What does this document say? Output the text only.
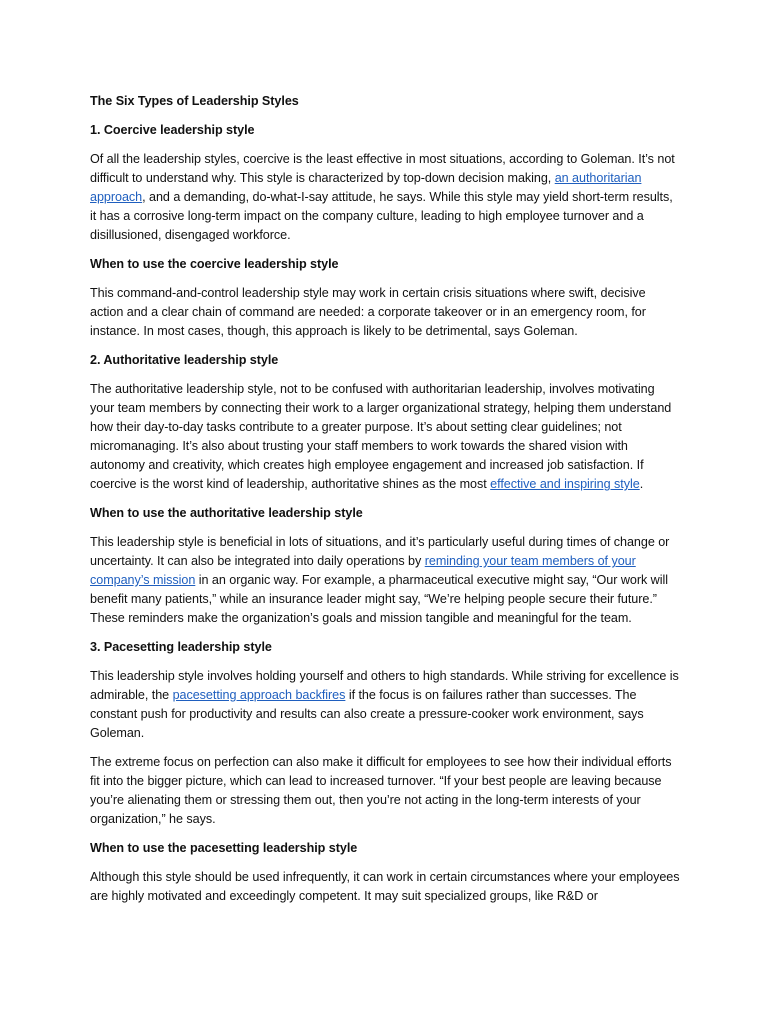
The Six Types of Leadership Styles

1. Coercive leadership style

Of all the leadership styles, coercive is the least effective in most situations, according to Goleman. It’s not difficult to understand why. This style is characterized by top-down decision making, an authoritarian approach, and a demanding, do-what-I-say attitude, he says. While this style may yield short-term results, it has a corrosive long-term impact on the company culture, leading to high employee turnover and a disillusioned, disengaged workforce.

When to use the coercive leadership style

This command-and-control leadership style may work in certain crisis situations where swift, decisive action and a clear chain of command are needed: a corporate takeover or in an emergency room, for instance. In most cases, though, this approach is likely to be detrimental, says Goleman.

2. Authoritative leadership style

The authoritative leadership style, not to be confused with authoritarian leadership, involves motivating your team members by connecting their work to a larger organizational strategy, helping them understand how their day-to-day tasks contribute to a greater purpose. It’s about setting clear guidelines; not micromanaging. It’s also about trusting your staff members to work towards the shared vision with autonomy and creativity, which creates high employee engagement and increased job satisfaction. If coercive is the worst kind of leadership, authoritative shines as the most effective and inspiring style.

When to use the authoritative leadership style

This leadership style is beneficial in lots of situations, and it’s particularly useful during times of change or uncertainty. It can also be integrated into daily operations by reminding your team members of your company’s mission in an organic way. For example, a pharmaceutical executive might say, “Our work will benefit many patients,” while an insurance leader might say, “We’re helping people secure their future.” These reminders make the organization’s goals and mission tangible and meaningful for the team.

3. Pacesetting leadership style

This leadership style involves holding yourself and others to high standards. While striving for excellence is admirable, the pacesetting approach backfires if the focus is on failures rather than successes. The constant push for productivity and results can also create a pressure-cooker work environment, says Goleman.

The extreme focus on perfection can also make it difficult for employees to see how their individual efforts fit into the bigger picture, which can lead to increased turnover. “If your best people are leaving because you’re alienating them or stressing them out, then you’re not acting in the long-term interests of your organization,” he says.

When to use the pacesetting leadership style

Although this style should be used infrequently, it can work in certain circumstances where your employees are highly motivated and exceedingly competent. It may suit specialized groups, like R&D or
